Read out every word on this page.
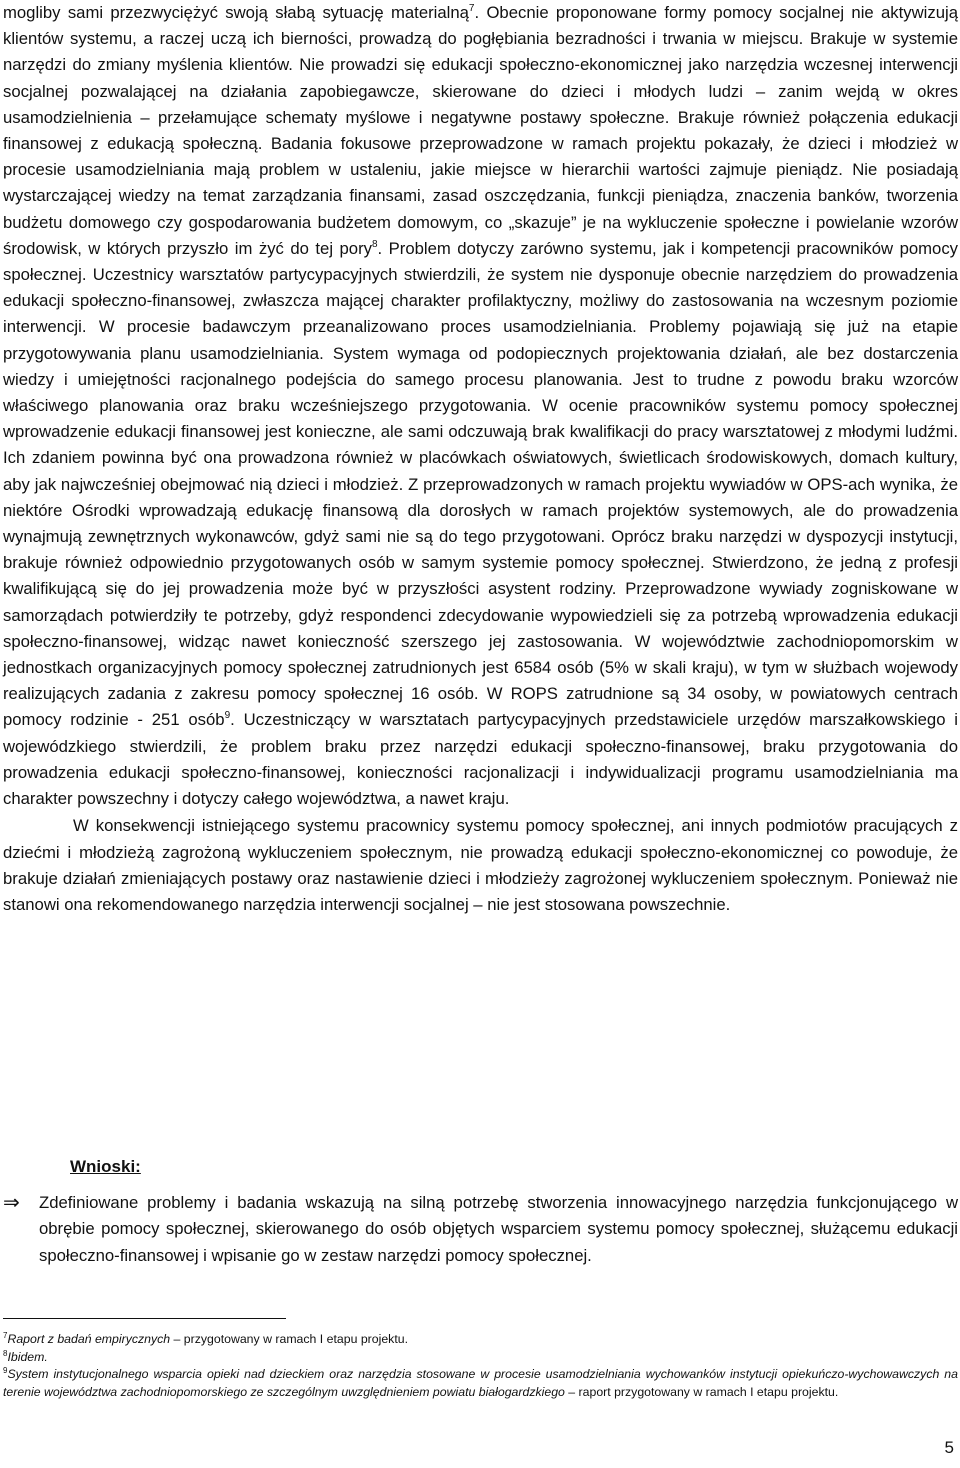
mogliby sami przezwyciężyć swoją słabą sytuację materialną$^7$. Obecnie proponowane formy pomocy socjalnej nie aktywizują klientów systemu, a raczej uczą ich bierności, prowadzą do pogłębiania bezradności i trwania w miejscu. Brakuje w systemie narzędzi do zmiany myślenia klientów. Nie prowadzi się edukacji społeczno-ekonomicznej jako narzędzia wczesnej interwencji socjalnej pozwalającej na działania zapobiegawcze, skierowane do dzieci i młodych ludzi – zanim wejdą w okres usamodzielnienia – przełamujące schematy myślowe i negatywne postawy społeczne. Brakuje również połączenia edukacji finansowej z edukacją społeczną. Badania fokusowe przeprowadzone w ramach projektu pokazały, że dzieci i młodzież w procesie usamodzielniania mają problem w ustaleniu, jakie miejsce w hierarchii wartości zajmuje pieniądz. Nie posiadają wystarczającej wiedzy na temat zarządzania finansami, zasad oszczędzania, funkcji pieniądza, znaczenia banków, tworzenia budżetu domowego czy gospodarowania budżetem domowym, co „skazuje” je na wykluczenie społeczne i powielanie wzorów środowisk, w których przyszło im żyć do tej pory$^8$. Problem dotyczy zarówno systemu, jak i kompetencji pracowników pomocy społecznej. Uczestnicy warsztatów partycypacyjnych stwierdzili, że system nie dysponuje obecnie narzędziem do prowadzenia edukacji społeczno-finansowej, zwłaszcza mającej charakter profilaktyczny, możliwy do zastosowania na wczesnym poziomie interwencji. W procesie badawczym przeanalizowano proces usamodzielniania. Problemy pojawiają się już na etapie przygotowywania planu usamodzielniania. System wymaga od podopiecznych projektowania działań, ale bez dostarczenia wiedzy i umiejętności racjonalnego podejścia do samego procesu planowania. Jest to trudne z powodu braku wzorców właściwego planowania oraz braku wcześniejszego przygotowania. W ocenie pracowników systemu pomocy społecznej wprowadzenie edukacji finansowej jest konieczne, ale sami odczuwają brak kwalifikacji do pracy warsztatowej z młodymi ludźmi. Ich zdaniem powinna być ona prowadzona również w placówkach oświatowych, świetlicach środowiskowych, domach kultury, aby jak najwcześniej obejmować nią dzieci i młodzież. Z przeprowadzonych w ramach projektu wywiadów w OPS-ach wynika, że niektóre Ośrodki wprowadzają edukację finansową dla dorosłych w ramach projektów systemowych, ale do prowadzenia wynajmują zewnętrznych wykonawców, gdyż sami nie są do tego przygotowani. Oprócz braku narzędzi w dyspozycji instytucji, brakuje również odpowiednio przygotowanych osób w samym systemie pomocy społecznej. Stwierdzono, że jedną z profesji kwalifikującą się do jej prowadzenia może być w przyszłości asystent rodziny. Przeprowadzone wywiady zogniskowane w samorządach potwierdziły te potrzeby, gdyż respondenci zdecydowanie wypowiedzieli się za potrzebą wprowadzenia edukacji społeczno-finansowej, widząc nawet konieczność szerszego jej zastosowania. W województwie zachodniopomorskim w jednostkach organizacyjnych pomocy społecznej zatrudnionych jest 6584 osób (5% w skali kraju), w tym w służbach wojewody realizujących zadania z zakresu pomocy społecznej 16 osób. W ROPS zatrudnione są 34 osoby, w powiatowych centrach pomocy rodzinie - 251 osób$^9$. Uczestniczący w warsztatach partycypacyjnych przedstawiciele urzędów marszałkowskiego i wojewódzkiego stwierdzili, że problem braku przez narzędzi edukacji społeczno-finansowej, braku przygotowania do prowadzenia edukacji społeczno-finansowej, konieczności racjonalizacji i indywidualizacji programu usamodzielniania ma charakter powszechny i dotyczy całego województwa, a nawet kraju.

W konsekwencji istniejącego systemu pracownicy systemu pomocy społecznej, ani innych podmiotów pracujących z dziećmi i młodzieżą zagrożoną wykluczeniem społecznym, nie prowadzą edukacji społeczno-ekonomicznej co powoduje, że brakuje działań zmieniających postawy oraz nastawienie dzieci i młodzieży zagrożonej wykluczeniem społecznym. Ponieważ nie stanowi ona rekomendowanego narzędzia interwencji socjalnej – nie jest stosowana powszechnie.

Wnioski:

⇒	Zdefiniowane problemy i badania wskazują na silną potrzebę stworzenia innowacyjnego narzędzia funkcjonującego w obrębie pomocy społecznej, skierowanego do osób objętych wsparciem systemu pomocy społecznej, służącemu edukacji społeczno-finansowej i wpisanie go w zestaw narzędzi pomocy społecznej.

$^7$Raport z badań empirycznych – przygotowany w ramach I etapu projektu.

$^8$Ibidem.

$^9$System instytucjonalnego wsparcia opieki nad dzieckiem oraz narzędzia stosowane w procesie usamodzielniania wychowanków instytucji opiekuńczo-wychowawczych na terenie województwa zachodniopomorskiego ze szczególnym uwzględnieniem powiatu białogardzkiego – raport przygotowany w ramach I etapu projektu.

5
